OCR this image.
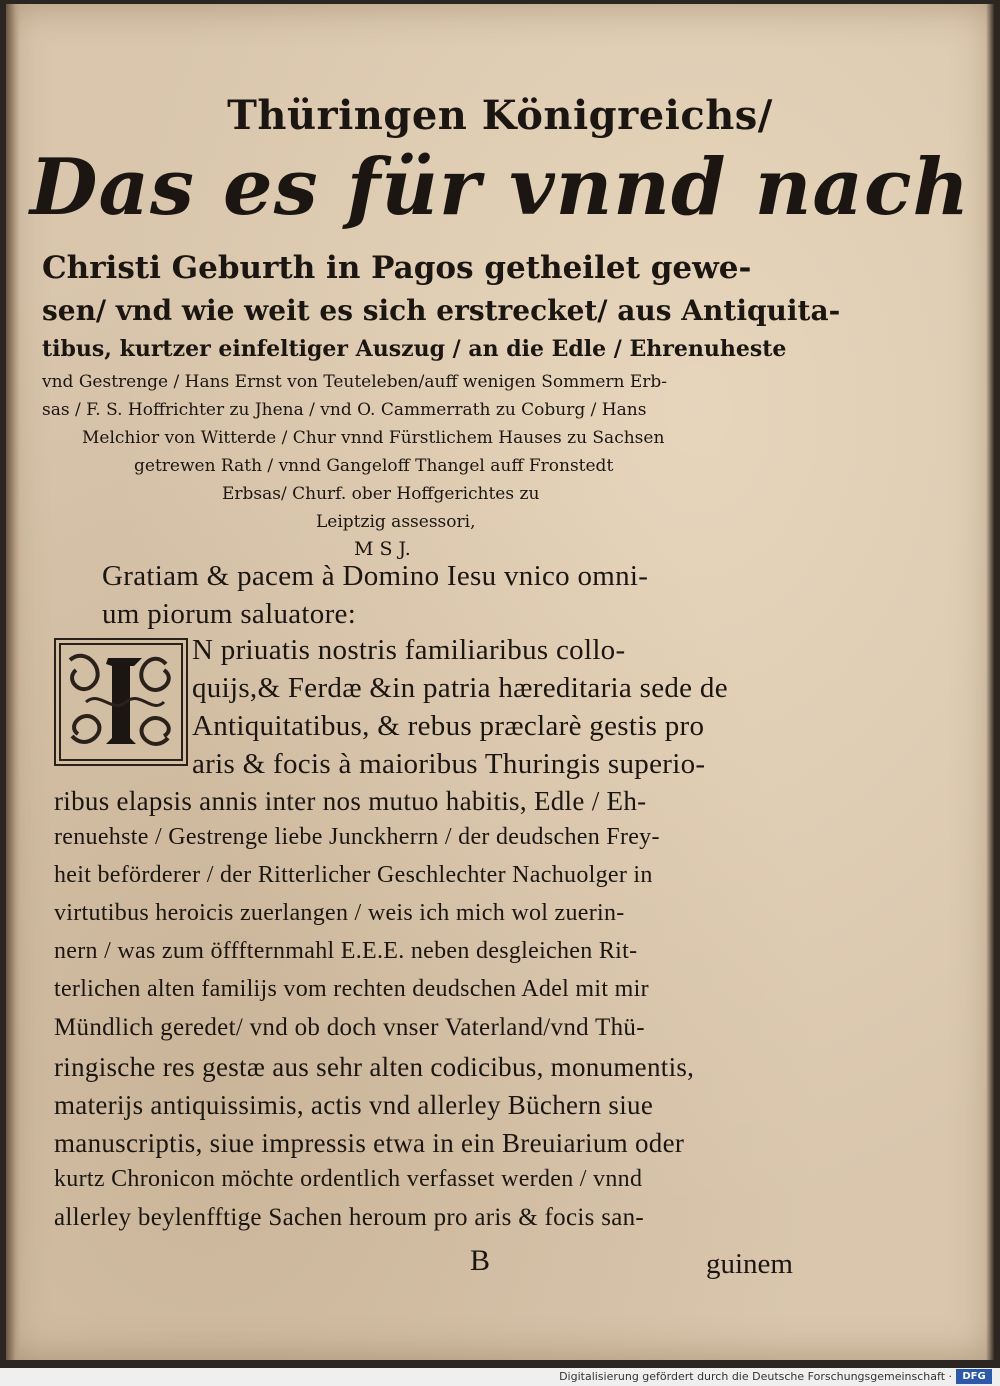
Thüringen Königreichs/

Das es für vnnd nach

Christi Geburth in Pagos getheilet gewe-

sen/ vnd wie weit es sich erstrecket/ aus Antiquita-

tibus, kurtzer einfeltiger Auszug / an die Edle / Ehrenuheste

vnd Gestrenge / Hans Ernst von Teuteleben/auff wenigen Sommern Erb-

sas / F. S. Hoffrichter zu Jhena / vnd O. Cammerrath zu Coburg / Hans

Melchior von Witterde / Chur vnnd Fürstlichem Hauses zu Sachsen

getrewen Rath / vnnd Gangeloff Thangel auff Fronstedt

Erbsas/ Churf. ober Hoffgerichtes zu

Leiptzig assessori,

M S J.

Gratiam & pacem à Domino Iesu vnico omni-

um piorum saluatore:

N priuatis nostris familiaribus collo-

quijs,& Ferdæ &in patria hæreditaria sede de

Antiquitatibus, & rebus præclarè gestis pro

aris & focis à maioribus Thuringis superio-

ribus elapsis annis inter nos mutuo habitis, Edle / Eh-

renuehste / Gestrenge liebe Junckherrn / der deudschen Frey-

heit beförderer / der Ritterlicher Geschlechter Nachuolger in

virtutibus heroicis zuerlangen / weis ich mich wol zuerin-

nern / was zum öfffternmahl E.E.E. neben desgleichen Rit-

terlichen alten familijs vom rechten deudschen Adel mit mir

Mündlich geredet/ vnd ob doch vnser Vaterland/vnd Thü-

ringische res gestæ aus sehr alten codicibus, monumentis,

materijs antiquissimis, actis vnd allerley Büchern siue

manuscriptis, siue impressis etwa in ein Breuiarium oder

kurtz Chronicon möchte ordentlich verfasset werden / vnnd

allerley beylenfftige Sachen heroum pro aris & focis san-

B	guinem
Digitalisierung gefördert durch die Deutsche Forschungsgemeinschaft ·	DFG
